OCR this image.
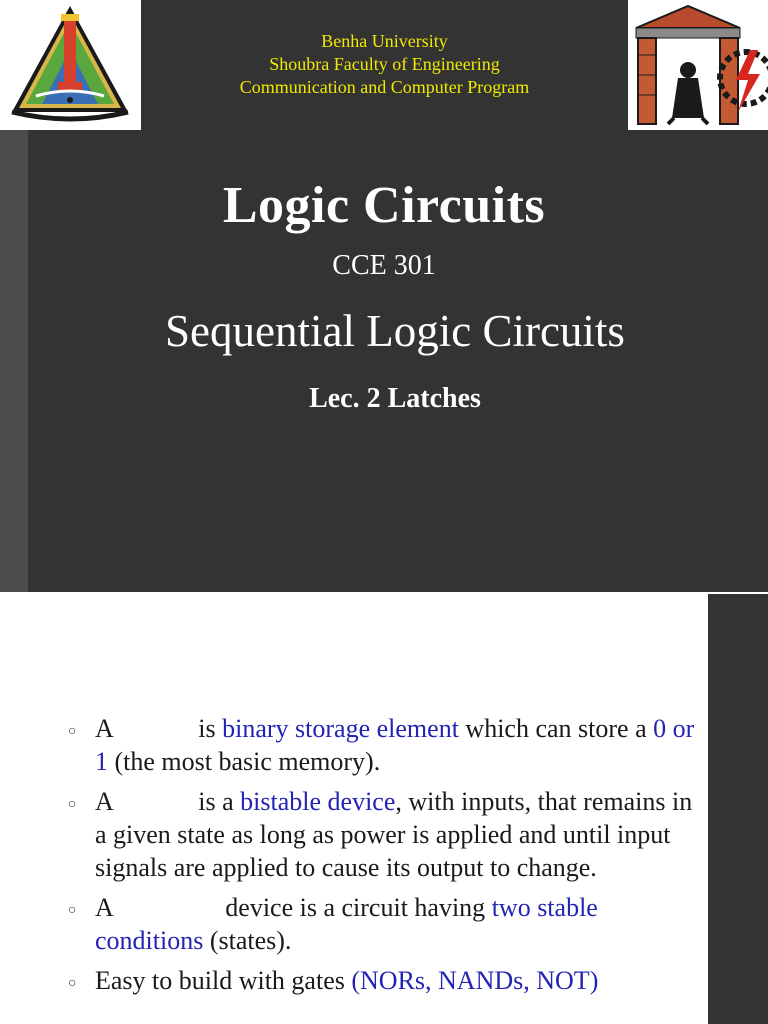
Benha University
Shoubra Faculty of Engineering
Communication and Computer Program
Logic Circuits
CCE 301
Sequential Logic Circuits
Lec. 2 Latches
○ A	is binary storage element which can store a 0 or 1 (the most basic memory).
○ A	is a bistable device, with inputs, that remains in a given state as long as power is applied and until input signals are applied to cause its output to change.
○ A	device is a circuit having two stable conditions (states).
○ Easy to build with gates (NORs, NANDs, NOT)
